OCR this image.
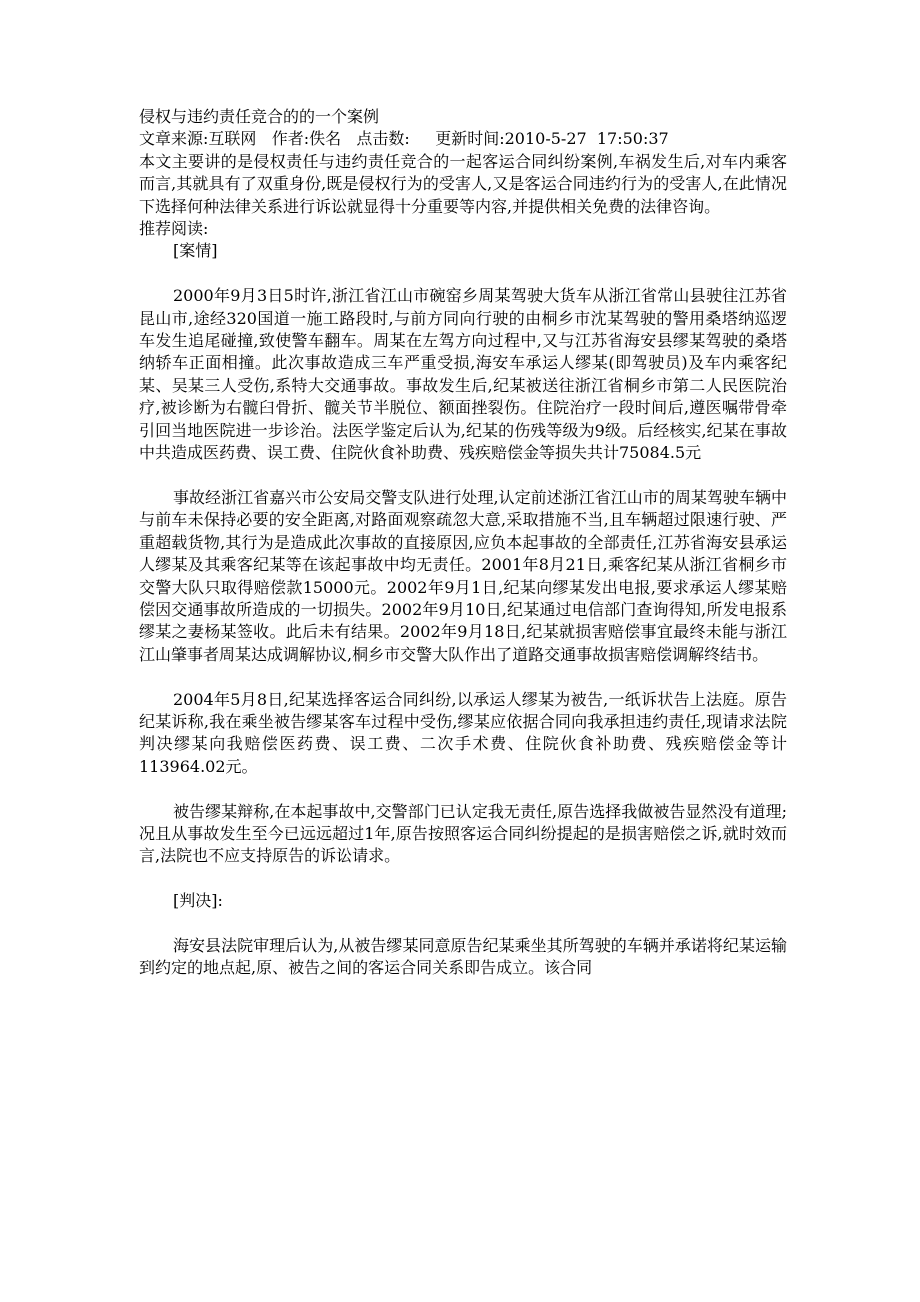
侵权与违约责任竞合的的一个案例
文章来源:互联网 作者:佚名 点击数: 更新时间:2010-5-27 17:50:37

本文主要讲的是侵权责任与违约责任竞合的一起客运合同纠纷案例,车祸发生后,对车内乘客而言,其就具有了双重身份,既是侵权行为的受害人,又是客运合同违约行为的受害人,在此情况下选择何种法律关系进行诉讼就显得十分重要等内容,并提供相关免费的法律咨询。

推荐阅读:
[案情]

2000年9月3日5时许,浙江省江山市碗窑乡周某驾驶大货车从浙江省常山县驶往江苏省昆山市,途经320国道一施工路段时,与前方同向行驶的由桐乡市沈某驾驶的警用桑塔纳巡逻车发生追尾碰撞,致使警车翻车。周某在左驾方向过程中,又与江苏省海安县缪某驾驶的桑塔纳轿车正面相撞。此次事故造成三车严重受损,海安车承运人缪某(即驾驶员)及车内乘客纪某、吴某三人受伤,系特大交通事故。事故发生后,纪某被送往浙江省桐乡市第二人民医院治疗,被诊断为右髋臼骨折、髋关节半脱位、额面挫裂伤。住院治疗一段时间后,遵医嘱带骨牵引回当地医院进一步诊治。法医学鉴定后认为,纪某的伤残等级为9级。后经核实,纪某在事故中共造成医药费、误工费、住院伙食补助费、残疾赔偿金等损失共计75084.5元

事故经浙江省嘉兴市公安局交警支队进行处理,认定前述浙江省江山市的周某驾驶车辆中与前车未保持必要的安全距离,对路面观察疏忽大意,采取措施不当,且车辆超过限速行驶、严重超载货物,其行为是造成此次事故的直接原因,应负本起事故的全部责任,江苏省海安县承运人缪某及其乘客纪某等在该起事故中均无责任。2001年8月21日,乘客纪某从浙江省桐乡市交警大队只取得赔偿款15000元。2002年9月1日,纪某向缪某发出电报,要求承运人缪某赔偿因交通事故所造成的一切损失。2002年9月10日,纪某通过电信部门查询得知,所发电报系缪某之妻杨某签收。此后未有结果。2002年9月18日,纪某就损害赔偿事宜最终未能与浙江江山肇事者周某达成调解协议,桐乡市交警大队作出了道路交通事故损害赔偿调解终结书。

2004年5月8日,纪某选择客运合同纠纷,以承运人缪某为被告,一纸诉状告上法庭。原告纪某诉称,我在乘坐被告缪某客车过程中受伤,缪某应依据合同向我承担违约责任,现请求法院判决缪某向我赔偿医药费、误工费、二次手术费、住院伙食补助费、残疾赔偿金等计113964.02元。

被告缪某辩称,在本起事故中,交警部门已认定我无责任,原告选择我做被告显然没有道理;况且从事故发生至今已远远超过1年,原告按照客运合同纠纷提起的是损害赔偿之诉,就时效而言,法院也不应支持原告的诉讼请求。

[判决]:

海安县法院审理后认为,从被告缪某同意原告纪某乘坐其所驾驶的车辆并承诺将纪某运输到约定的地点起,原、被告之间的客运合同关系即告成立。该合同
